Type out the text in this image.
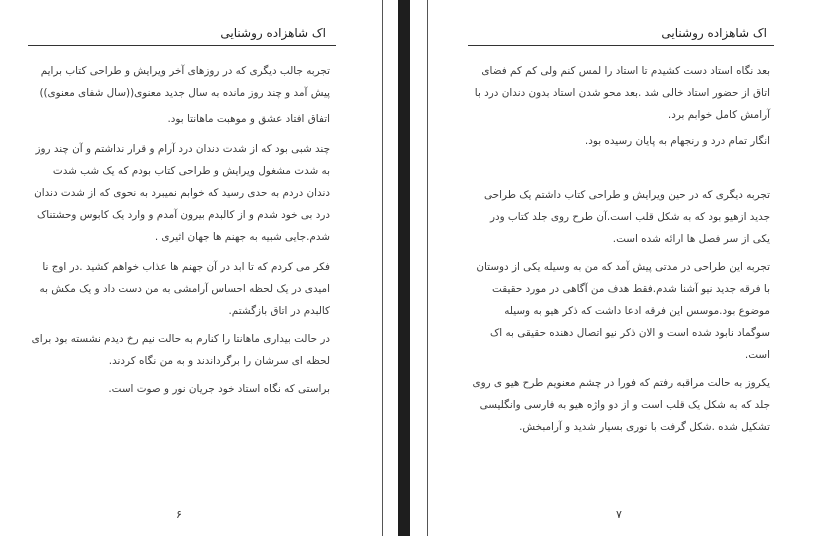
اک شاهزاده روشنایی

تجربه جالب دیگری که در روزهای آخر ویرایش و طراحی کتاب برایم پیش آمد و چند روز مانده به سال جدید معنوی((سال شفای معنوی))

اتفاق افتاد عشق و موهبت ماهانتا بود.

چند شبی بود که از شدت دندان درد آرام و قرار نداشتم و آن چند روز به شدت مشغول ویرایش و طراحی کتاب بودم که یک شب شدت دندان دردم به حدی رسید که خوابم نمیبرد به نحوی که از شدت دندان درد بی خود شدم و از کالبدم بیرون آمدم و وارد یک کابوس وحشتناک شدم.جایی شبیه به جهنم ها جهان اثیری .

فکر می کردم که تا ابد در آن جهنم ها عذاب خواهم کشید .در اوج نا امیدی در یک لحظه احساس آرامشی به من دست داد و یک مکش به کالبدم در اتاق بازگشتم.

در حالت بیداری ماهانتا را کنارم به حالت نیم رخ دیدم نشسته بود برای لحظه ای سرشان را برگرداندند و به من نگاه کردند.

براستی که نگاه استاد خود جریان نور و صوت است.

۶
اک شاهزاده روشنایی

بعد نگاه استاد دست کشیدم تا استاد را لمس کنم ولی کم کم فضای اتاق از حضور استاد خالی شد .بعد محو شدن استاد بدون دندان درد با آرامش کامل خوابم برد.

انگار تمام درد و رنجهام به پایان رسیده بود.

تجربه دیگری که در حین ویرایش و طراحی کتاب داشتم یک طراحی جدید ازهیو بود که به شکل قلب است.آن طرح روی جلد کتاب ودر یکی از سر فصل ها ارائه شده است.

تجربه این طراحی در مدتی پیش آمد که من به وسیله یکی از دوستان با فرقه جدید نیو آشنا شدم.فقط هدف من آگاهی در مورد حقیقت موضوع بود.موسس این فرقه ادعا داشت که ذکر هیو به وسیله سوگماد نابود شده است و الان ذکر نیو اتصال دهنده حقیقی به اک است.

یکروز به حالت مراقبه رفتم که فورا در چشم معنویم طرح هیو ی روی جلد که به شکل یک قلب است و از دو واژه هیو به فارسی وانگلیسی تشکیل شده .شکل گرفت با نوری بسیار شدید و آرامبخش.

۷
